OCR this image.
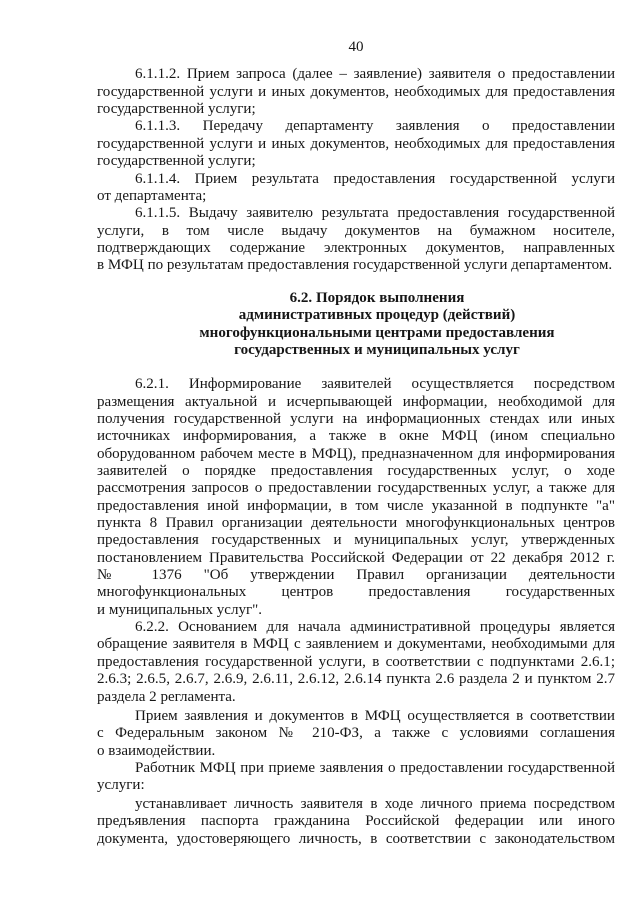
40
6.1.1.2. Прием запроса (далее – заявление) заявителя о предоставлении
государственной услуги и иных документов, необходимых для предоставления
государственной услуги;
6.1.1.3. Передачу департаменту заявления о предоставлении
государственной услуги и иных документов, необходимых для предоставления
государственной услуги;
6.1.1.4. Прием результата предоставления государственной услуги
от департамента;
6.1.1.5. Выдачу заявителю результата предоставления государственной
услуги, в том числе выдачу документов на бумажном носителе,
подтверждающих содержание электронных документов, направленных
в МФЦ по результатам предоставления государственной услуги департаментом.
6.2. Порядок выполнения
административных процедур (действий)
многофункциональными центрами предоставления
государственных и муниципальных услуг
6.2.1. Информирование заявителей осуществляется посредством
размещения актуальной и исчерпывающей информации, необходимой для
получения государственной услуги на информационных стендах или иных
источниках информирования, а также в окне МФЦ (ином специально
оборудованном рабочем месте в МФЦ), предназначенном для информирования
заявителей о порядке предоставления государственных услуг, о ходе
рассмотрения запросов о предоставлении государственных услуг, а также для
предоставления иной информации, в том числе указанной в подпункте "а"
пункта 8 Правил организации деятельности многофункциональных центров
предоставления государственных и муниципальных услуг, утвержденных
постановлением Правительства Российской Федерации от 22 декабря 2012 г.
№ 1376 "Об утверждении Правил организации деятельности
многофункциональных центров предоставления государственных
и муниципальных услуг".
6.2.2. Основанием для начала административной процедуры является
обращение заявителя в МФЦ с заявлением и документами, необходимыми для
предоставления государственной услуги, в соответствии с подпунктами 2.6.1;
2.6.3; 2.6.5, 2.6.7, 2.6.9, 2.6.11, 2.6.12, 2.6.14 пункта 2.6 раздела 2 и пунктом 2.7
раздела 2 регламента.
Прием заявления и документов в МФЦ осуществляется в соответствии
с Федеральным законом № 210-ФЗ, а также с условиями соглашения
о взаимодействии.
Работник МФЦ при приеме заявления о предоставлении государственной
услуги:
устанавливает личность заявителя в ходе личного приема посредством
предъявления паспорта гражданина Российской федерации или иного
документа, удостоверяющего личность, в соответствии с законодательством
